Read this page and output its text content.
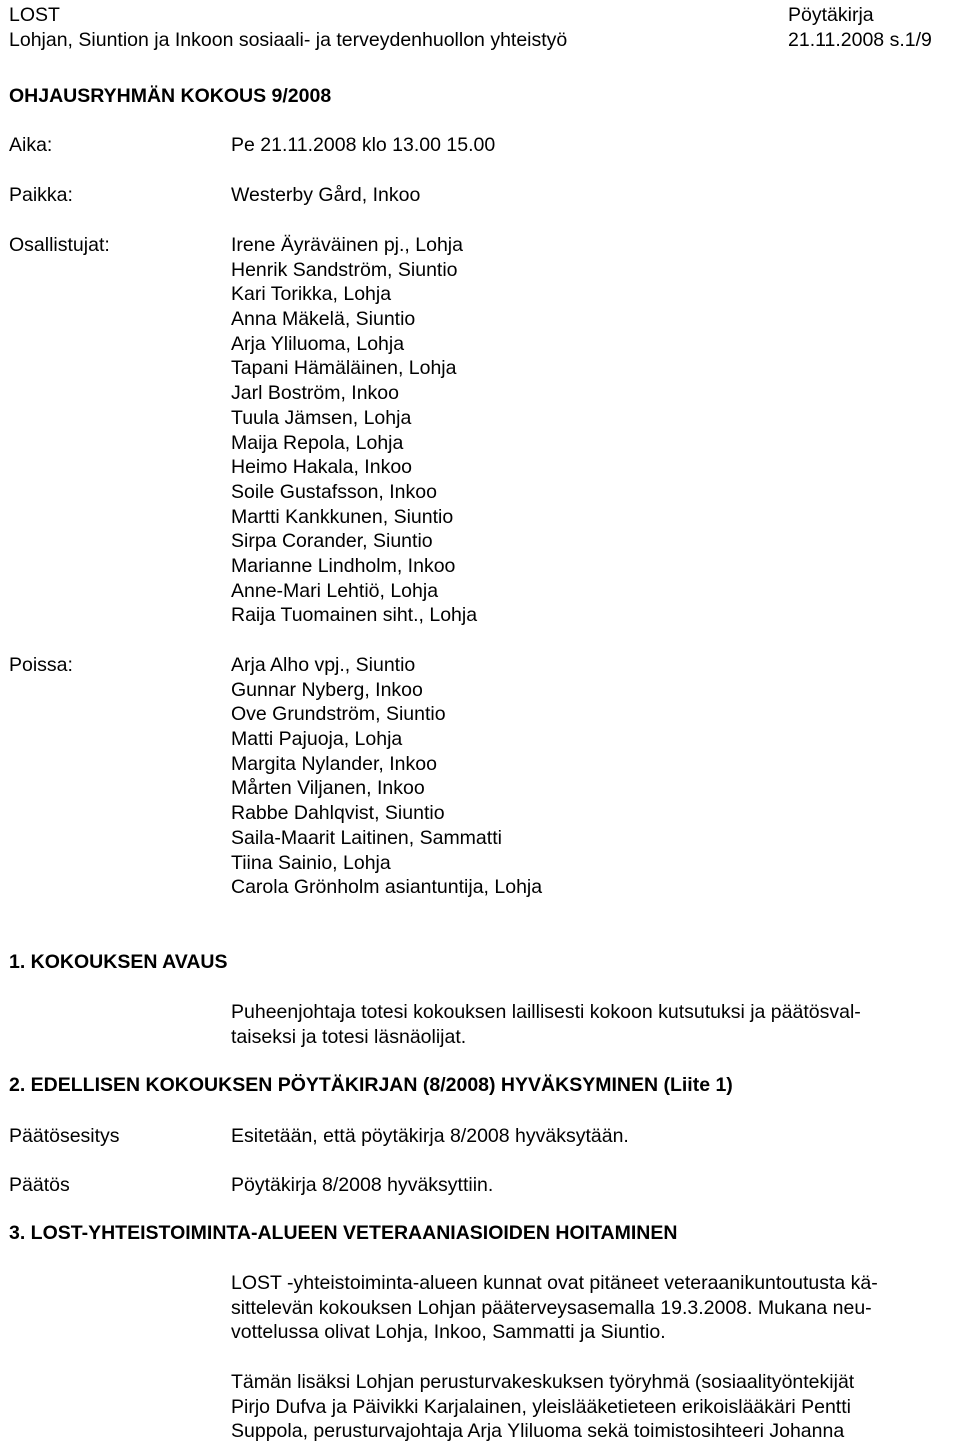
LOST	Pöytäkirja
Lohjan, Siuntion ja Inkoon sosiaali- ja terveydenhuollon yhteistyö	21.11.2008 s.1/9
OHJAUSRYHMÄN KOKOUS 9/2008
Aika:	Pe 21.11.2008 klo 13.00 15.00
Paikka:	Westerby Gård, Inkoo
Osallistujat:	Irene Äyräväinen pj., Lohja
Henrik Sandström, Siuntio
Kari Torikka, Lohja
Anna Mäkelä, Siuntio
Arja Yliluoma, Lohja
Tapani Hämäläinen, Lohja
Jarl Boström, Inkoo
Tuula Jämsen, Lohja
Maija Repola, Lohja
Heimo Hakala, Inkoo
Soile Gustafsson, Inkoo
Martti Kankkunen, Siuntio
Sirpa Corander, Siuntio
Marianne Lindholm, Inkoo
Anne-Mari Lehtiö, Lohja
Raija Tuomainen siht., Lohja
Poissa:	Arja Alho vpj., Siuntio
Gunnar Nyberg, Inkoo
Ove Grundström, Siuntio
Matti Pajuoja, Lohja
Margita Nylander, Inkoo
Mårten Viljanen, Inkoo
Rabbe Dahlqvist, Siuntio
Saila-Maarit Laitinen, Sammatti
Tiina Sainio, Lohja
Carola Grönholm asiantuntija, Lohja
1. KOKOUKSEN AVAUS
Puheenjohtaja totesi kokouksen laillisesti kokoon kutsutuksi ja päätösval-
taiseksi ja totesi läsnäolijat.
2. EDELLISEN KOKOUKSEN PÖYTÄKIRJAN (8/2008) HYVÄKSYMINEN (Liite 1)
Päätösesitys	Esitetään, että pöytäkirja 8/2008 hyväksytään.
Päätös	Pöytäkirja 8/2008 hyväksyttiin.
3. LOST-YHTEISTOIMINTA-ALUEEN VETERAANIASIOIDEN HOITAMINEN
LOST -yhteistoiminta-alueen kunnat ovat pitäneet veteraanikuntoutusta kä-
sittelevän kokouksen Lohjan pääterveysasemalla 19.3.2008. Mukana neu-
vottelussa olivat Lohja, Inkoo, Sammatti ja Siuntio.
Tämän lisäksi Lohjan perusturvakeskuksen työryhmä (sosiaalityöntekijät
Pirjo Dufva ja Päivikki Karjalainen, yleislääketieteen erikoislääkäri Pentti
Suppola, perusturvajohtaja Arja Yliluoma sekä toimistosihteeri Johanna
